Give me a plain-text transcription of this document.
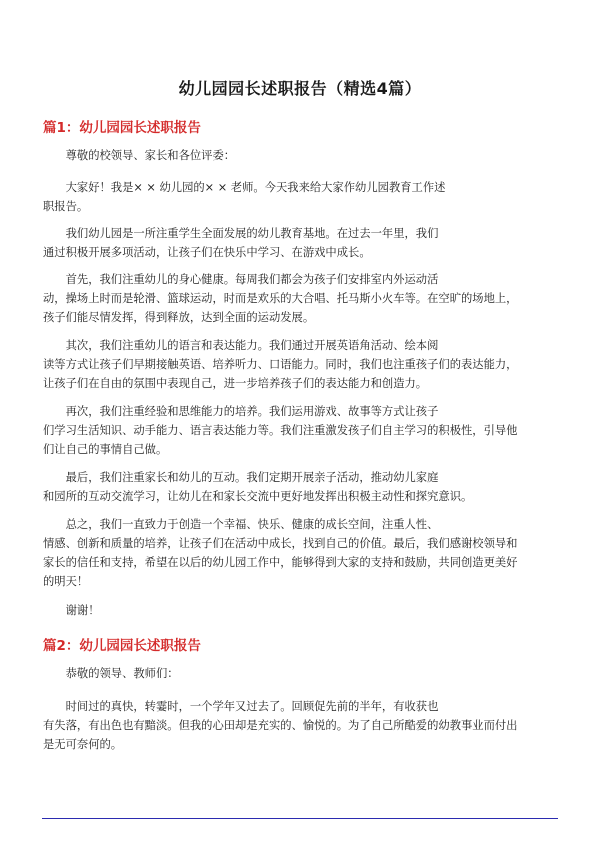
幼儿园园长述职报告（精选4篇）
篇1：幼儿园园长述职报告

　　尊敬的校领导、家长和各位评委：

　　大家好！我是× × 幼儿园的× × 老师。今天我来给大家作幼儿园教育工作述
职报告。

　　我们幼儿园是一所注重学生全面发展的幼儿教育基地。在过去一年里，我们
通过积极开展多项活动，让孩子们在快乐中学习、在游戏中成长。

　　首先，我们注重幼儿的身心健康。每周我们都会为孩子们安排室内外运动活
动，操场上时而是轮滑、篮球运动，时而是欢乐的大合唱、托马斯小火车等。在空旷的场地上，
孩子们能尽情发挥，得到释放，达到全面的运动发展。

　　其次，我们注重幼儿的语言和表达能力。我们通过开展英语角活动、绘本阅
读等方式让孩子们早期接触英语、培养听力、口语能力。同时，我们也注重孩子们的表达能力，
让孩子们在自由的氛围中表现自己，进一步培养孩子们的表达能力和创造力。

　　再次，我们注重经验和思维能力的培养。我们运用游戏、故事等方式让孩子
们学习生活知识、动手能力、语言表达能力等。我们注重激发孩子们自主学习的积极性，引导他
们让自己的事情自己做。

　　最后，我们注重家长和幼儿的互动。我们定期开展亲子活动，推动幼儿家庭
和园所的互动交流学习，让幼儿在和家长交流中更好地发挥出积极主动性和探究意识。

　　总之，我们一直致力于创造一个幸福、快乐、健康的成长空间，注重人性、
情感、创新和质量的培养，让孩子们在活动中成长，找到自己的价值。最后，我们感谢校领导和
家长的信任和支持，希望在以后的幼儿园工作中，能够得到大家的支持和鼓励，共同创造更美好
的明天！

　　谢谢！

篇2：幼儿园园长述职报告

　　恭敬的领导、教师们：

　　时间过的真快，转霎时，一个学年又过去了。回顾促先前的半年，有收获也
有失落，有出色也有黯淡。但我的心田却是充实的、愉悦的。为了自己所酷爱的幼教事业而付出
是无可奈何的。
